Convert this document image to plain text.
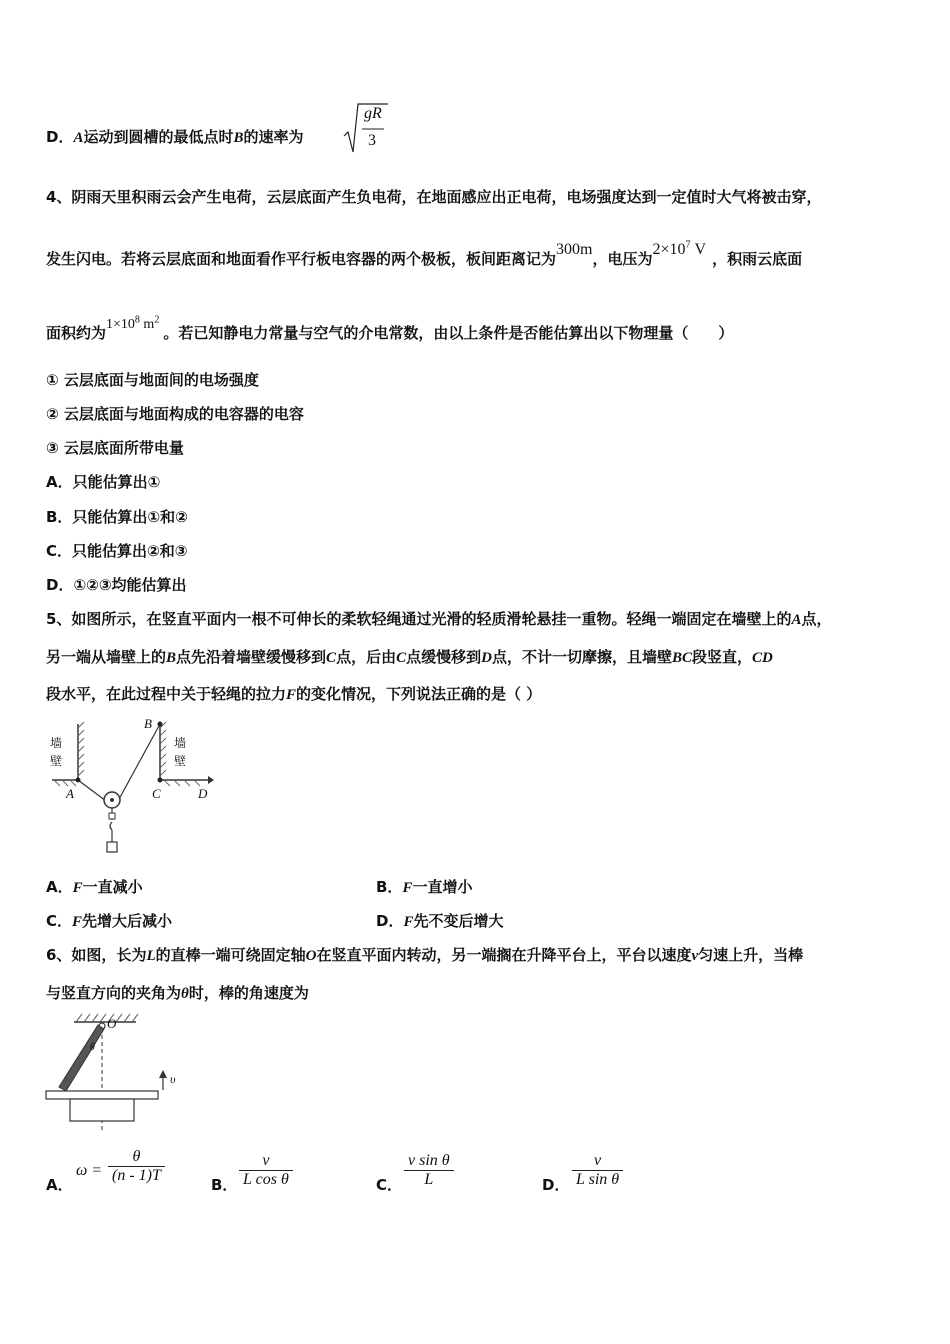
D．A运动到圆槽的最低点时B的速率为
gR
3
4、阴雨天里积雨云会产生电荷，云层底面产生负电荷，在地面感应出正电荷，电场强度达到一定值时大气将被击穿，
发生闪电。若将云层底面和地面看作平行板电容器的两个极板，板间距离记为300m，电压为$2\times 10^7$ V，积雨云底面
面积约为$1\times 10^8$ $m^2$。若已知静电力常量与空气的介电常数，由以上条件是否能估算出以下物理量（　　）
① 云层底面与地面间的电场强度
② 云层底面与地面构成的电容器的电容
③ 云层底面所带电量
A．只能估算出①
B．只能估算出①和②
C．只能估算出②和③
D．①②③均能估算出
5、如图所示，在竖直平面内一根不可伸长的柔软轻绳通过光滑的轻质滑轮悬挂一重物。轻绳一端固定在墙壁上的A点，
另一端从墙壁上的B点先沿着墙壁缓慢移到C点，后由C点缓慢移到D点，不计一切摩擦，且墙壁BC段竖直，CD
段水平，在此过程中关于轻绳的拉力F的变化情况，下列说法正确的是（ ）
墙
壁
墙
壁
A
B
C	D
A．F一直减小	B．F一直增小
C．F先增大后减小	D．F先不变后增大
6、如图，长为L的直棒一端可绕固定轴O在竖直平面内转动，另一端搁在升降平台上，平台以速度v匀速上升，当棒
与竖直方向的夹角为θ时，棒的角速度为
O
θ
υ
A．
$\omega = \frac{\theta}{(n - 1)T}$	B． $\frac{v}{\text{L cos θ}}$	C． $\frac{\text{v sin θ}}{L}$	D． $\frac{v}{\text{L sin θ}}$
